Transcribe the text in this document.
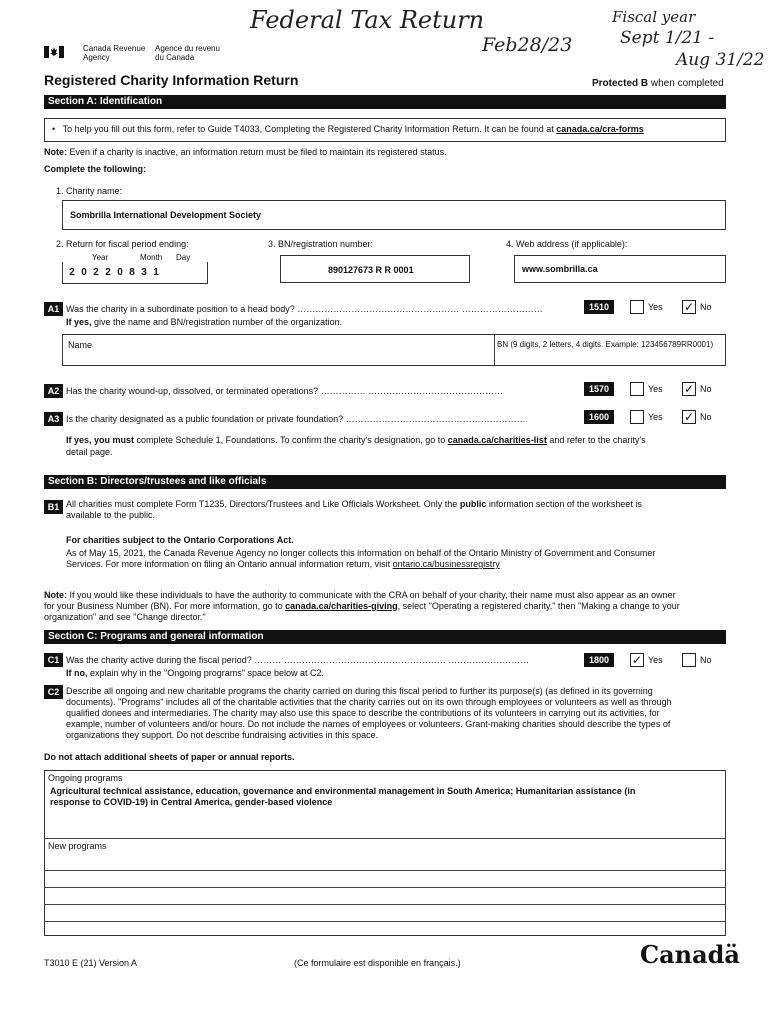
Federal Tax Return
Feb28/23
Fiscal year
Sept 1/21 -
Aug 31/22
Canada Revenue
Agency
Agence du revenu
du Canada
Registered Charity Information Return	Protected B when completed
Section A: Identification
•   To help you fill out this form, refer to Guide T4033, Completing the Registered Charity Information Return. It can be found at canada.ca/cra-forms
Note: Even if a charity is inactive, an information return must be filed to maintain its registered status.
Complete the following:
1. Charity name:
Sombrilla International Development Society
2. Return for fiscal period ending:
Year	Month Day
2 0 2 2 0 8 3 1
3. BN/registration number:
890127673 R R 0001
4. Web address (if applicable):
www.sombrilla.ca
A1 Was the charity in a subordinate position to a head body? ……………………………………………… ………………………
If yes, give the name and BN/registration number of the organization.
1510	Yes ✓ No
Name	BN (9 digits, 2 letters, 4 digits. Example: 123456789RR0001)
A2 Has the charity wound-up, dissolved, or terminated operations? …………… ………………………………………	1570	Yes ✓ No
A3 Is the charity designated as a public foundation or private foundation? ……………………………………………………	1600	Yes ✓ No
If yes, you must complete Schedule 1, Foundations. To confirm the charity's designation, go to canada.ca/charities-list and refer to the charity's
detail page.
Section B: Directors/trustees and like officials
B1 All charities must complete Form T1235, Directors/Trustees and Like Officials Worksheet. Only the public information section of the worksheet is
available to the public.
For charities subject to the Ontario Corporations Act.
As of May 15, 2021, the Canada Revenue Agency no longer collects this information on behalf of the Ontario Ministry of Government and Consumer
Services. For more information on filing an Ontario annual information return, visit ontario.ca/businessregistry
Note: If you would like these individuals to have the authority to communicate with the CRA on behalf of your charity, their name must also appear as an owner
for your Business Number (BN). For more information, go to canada.ca/charities-giving, select "Operating a registered charity," then "Making a change to your
organization" and see "Change director."
Section C: Programs and general information
C1 Was the charity active during the fiscal period? ……… ……………………………………………… ………………………
If no, explain why in the "Ongoing programs" space below at C2.
1800	✓ Yes	No
C2 Describe all ongoing and new charitable programs the charity carried on during this fiscal period to further its purpose(s) (as defined in its governing
documents). "Programs" includes all of the charitable activities that the charity carries out on its own through employees or volunteers as well as through
qualified donees and intermediaries. The charity may also use this space to describe the contributions of its volunteers in carrying out its activities, for
example, number of volunteers and/or hours. Do not include the names of employees or volunteers. Grant-making charities should describe the types of
organizations they support. Do not describe fundraising activities in this space.
Do not attach additional sheets of paper or annual reports.
Ongoing programs
Agricultural technical assistance, education, governance and environmental management in South America; Humanitarian assistance (in
response to COVID-19) in Central America, gender-based violence
New programs
T3010 E (21) Version A	(Ce formulaire est disponible en français.)	Canadä
